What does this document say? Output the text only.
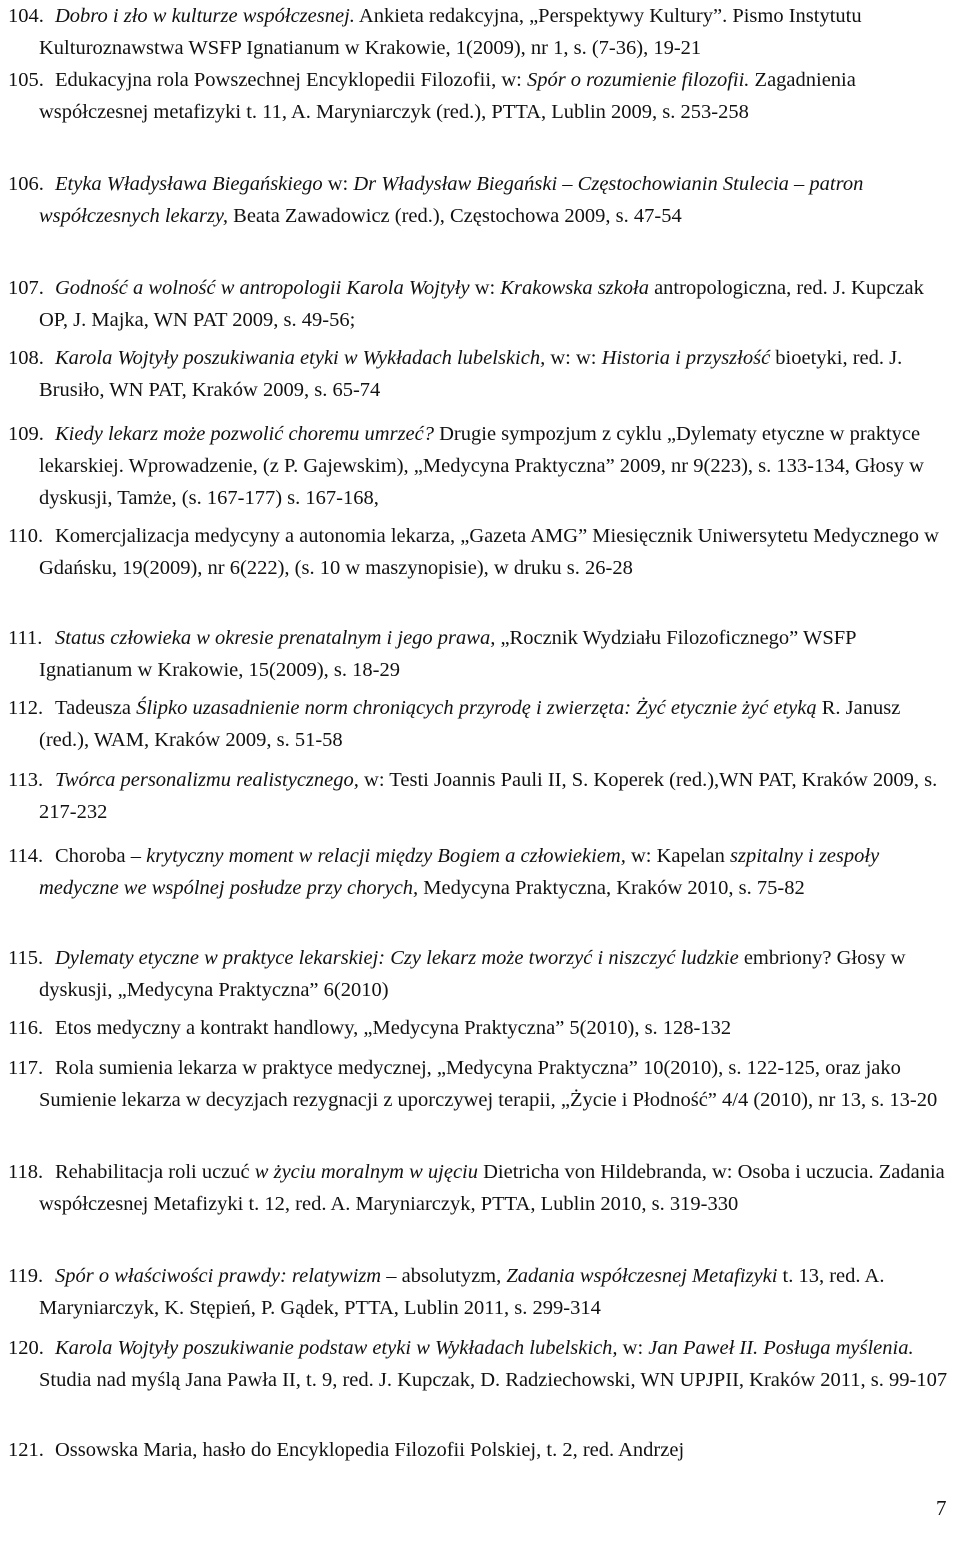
104. Dobro i zło w kulturze współczesnej. Ankieta redakcyjna, „Perspektywy Kultury”. Pismo Instytutu Kulturoznawstwa WSFP Ignatianum w Krakowie, 1(2009), nr 1, s. (7-36), 19-21
105. Edukacyjna rola Powszechnej Encyklopedii Filozofii, w: Spór o rozumienie filozofii. Zagadnienia współczesnej metafizyki t. 11, A. Maryniarczyk (red.), PTTA, Lublin 2009, s. 253-258
106. Etyka Władysława Biegańskiego w: Dr Władysław Biegański – Częstochowianin Stulecia – patron współczesnych lekarzy, Beata Zawadowicz (red.), Częstochowa 2009, s. 47-54
107. Godność a wolność w antropologii Karola Wojtyły w: Krakowska szkoła antropologiczna, red. J. Kupczak OP, J. Majka, WN PAT 2009, s. 49-56;
108. Karola Wojtyły poszukiwania etyki w Wykładach lubelskich, w: w: Historia i przyszłość bioetyki, red. J. Brusiło, WN PAT, Kraków 2009, s. 65-74
109. Kiedy lekarz może pozwolić choremu umrzeć? Drugie sympozjum z cyklu „Dylematy etyczne w praktyce lekarskiej. Wprowadzenie, (z P. Gajewskim), „Medycyna Praktyczna” 2009, nr 9(223), s. 133-134, Głosy w dyskusji, Tamże, (s. 167-177) s. 167-168,
110. Komercjalizacja medycyny a autonomia lekarza, „Gazeta AMG” Miesięcznik Uniwersytetu Medycznego w Gdańsku, 19(2009), nr 6(222), (s. 10 w maszynopisie), w druku s. 26-28
111. Status człowieka w okresie prenatalnym i jego prawa, „Rocznik Wydziału Filozoficznego” WSFP Ignatianum w Krakowie, 15(2009), s. 18-29
112. Tadeusza Ślipko uzasadnienie norm chroniących przyrodę i zwierzęta: Żyć etycznie żyć etyką R. Janusz (red.), WAM, Kraków 2009, s. 51-58
113. Twórca personalizmu realistycznego, w: Testi Joannis Pauli II, S. Koperek (red.),WN PAT, Kraków 2009, s. 217-232
114. Choroba – krytyczny moment w relacji między Bogiem a człowiekiem, w: Kapelan szpitalny i zespoły medyczne we wspólnej posłudze przy chorych, Medycyna Praktyczna, Kraków 2010, s. 75-82
115. Dylematy etyczne w praktyce lekarskiej: Czy lekarz może tworzyć i niszczyć ludzkie embriony? Głosy w dyskusji, „Medycyna Praktyczna” 6(2010)
116. Etos medyczny a kontrakt handlowy, „Medycyna Praktyczna” 5(2010), s. 128-132
117. Rola sumienia lekarza w praktyce medycznej, „Medycyna Praktyczna” 10(2010), s. 122-125, oraz jako Sumienie lekarza w decyzjach rezygnacji z uporczywej terapii, „Życie i Płodność” 4/4 (2010), nr 13, s. 13-20
118. Rehabilitacja roli uczuć w życiu moralnym w ujęciu Dietricha von Hildebranda, w: Osoba i uczucia. Zadania współczesnej Metafizyki t. 12, red. A. Maryniarczyk, PTTA, Lublin 2010, s. 319-330
119. Spór o właściwości prawdy: relatywizm – absolutyzm, Zadania współczesnej Metafizyki t. 13, red. A. Maryniarczyk, K. Stępień, P. Gądek, PTTA, Lublin 2011, s. 299-314
120. Karola Wojtyły poszukiwanie podstaw etyki w Wykładach lubelskich, w: Jan Paweł II. Posługa myślenia. Studia nad myślą Jana Pawła II, t. 9, red. J. Kupczak, D. Radziechowski, WN UPJPII, Kraków 2011, s. 99-107
121. Ossowska Maria, hasło do Encyklopedia Filozofii Polskiej, t. 2, red. Andrzej
7
